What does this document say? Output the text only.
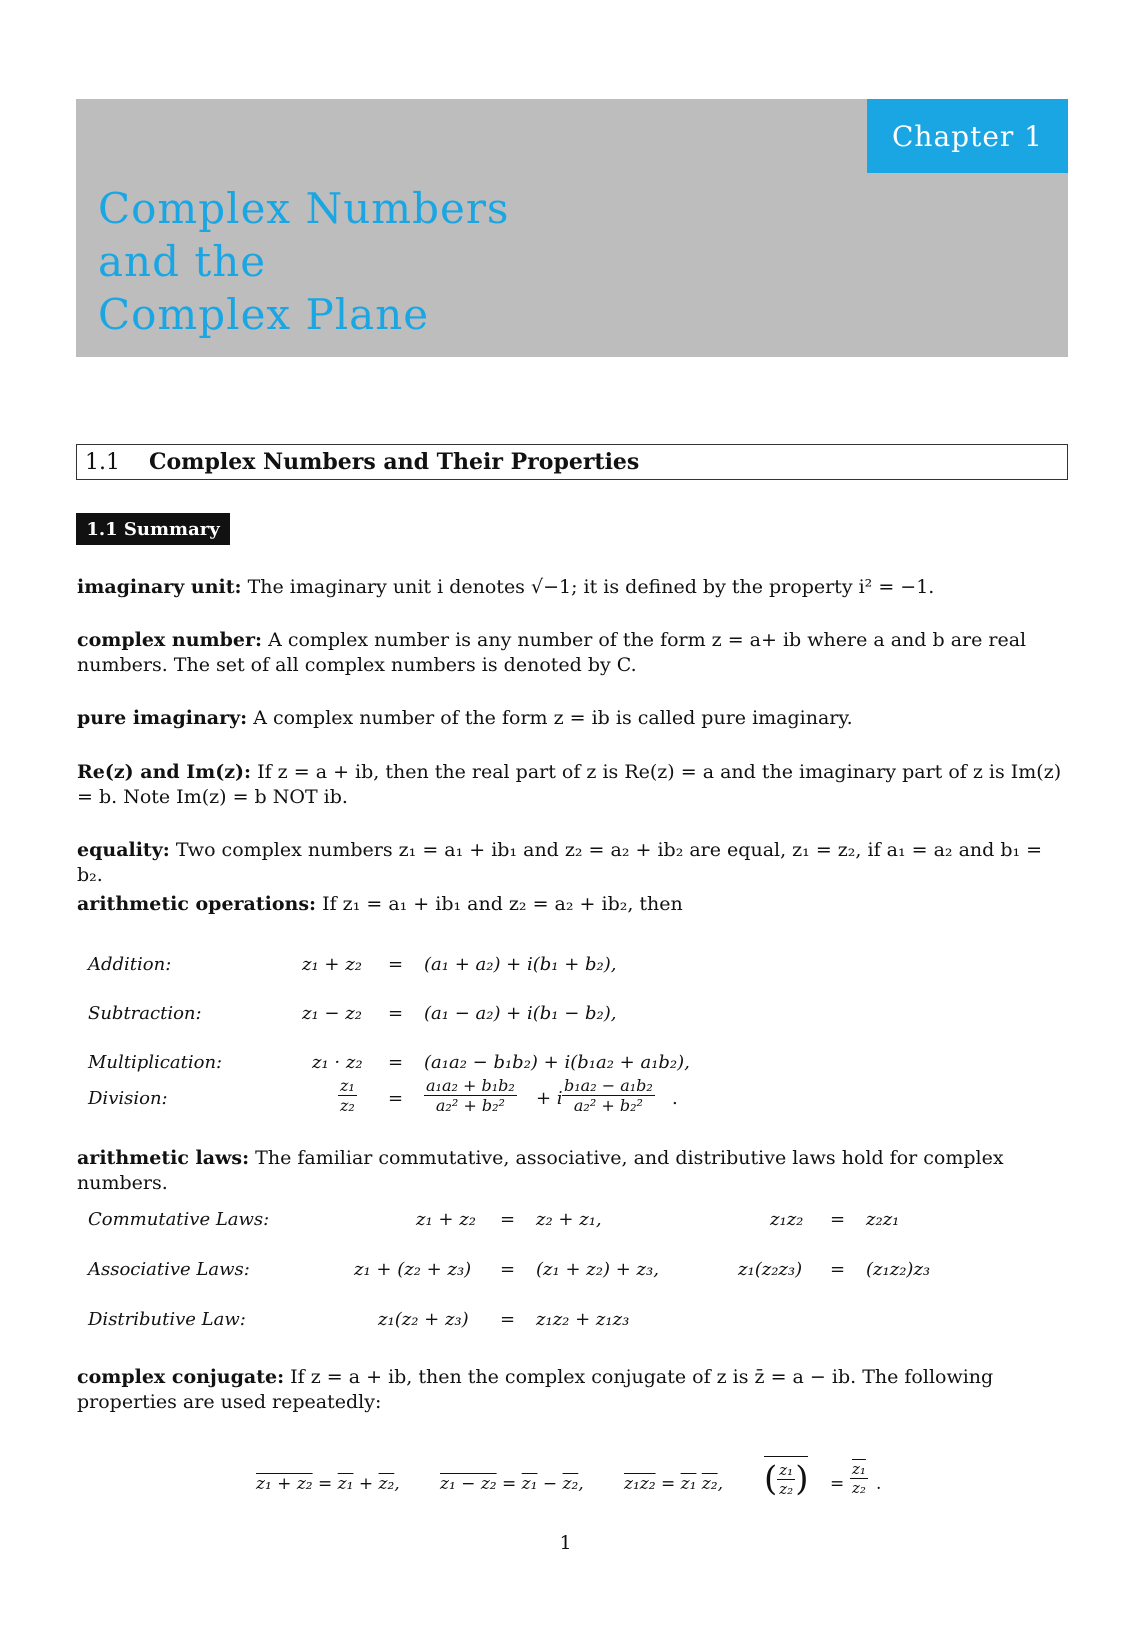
Chapter 1
Complex Numbers
and the
Complex Plane
1.1	Complex Numbers and Their Properties
1.1 Summary
imaginary unit: The imaginary unit i denotes √−1; it is defined by the property i² = −1.
complex number: A complex number is any number of the form z = a+ ib where a and b are real numbers. The set of all complex numbers is denoted by C.
pure imaginary: A complex number of the form z = ib is called pure imaginary.
Re(z) and Im(z): If z = a + ib, then the real part of z is Re(z) = a and the imaginary part of z is Im(z) = b. Note Im(z) = b NOT ib.
equality: Two complex numbers z₁ = a₁ + ib₁ and z₂ = a₂ + ib₂ are equal, z₁ = z₂, if a₁ = a₂ and b₁ = b₂.
arithmetic operations: If z₁ = a₁ + ib₁ and z₂ = a₂ + ib₂, then
Addition:	z₁ + z₂ = (a₁ + a₂) + i(b₁ + b₂),
Subtraction:	z₁ − z₂ = (a₁ − a₂) + i(b₁ − b₂),
Multiplication:	z₁ · z₂ = (a₁a₂ − b₁b₂) + i(b₁a₂ + a₁b₂),
Division:	$\frac{\text{z₁}}{\text{z₂}} = \frac{\text{a₁a₂ + b₁b₂}}{\text{a₂² + b₂²}} + i \frac{\text{b₁a₂ − a₁b₂}}{\text{a₂² + b₂²}}$ .
arithmetic laws: The familiar commutative, associative, and distributive laws hold for complex numbers.
Commutative Laws:	z₁ + z₂ = z₂ + z₁,	z₁z₂ = z₂z₁
Associative Laws:	z₁ + (z₂ + z₃) = (z₁ + z₂) + z₃,	z₁(z₂z₃) = (z₁z₂)z₃
Distributive Law:	z₁(z₂ + z₃) = z₁z₂ + z₁z₃
complex conjugate: If z = a + ib, then the complex conjugate of z is z̄ = a − ib. The following properties are used repeatedly:
z₁ + z₂ = z₁ + z₂, z₁ − z₂ = z₁ − z₂, z₁z₂ = z₁ z₂, ( $\frac{\text{z₁}}{\text{z₂}}$ ) = $\frac{\text{z₁}}{\text{z₂}}$ .
1
